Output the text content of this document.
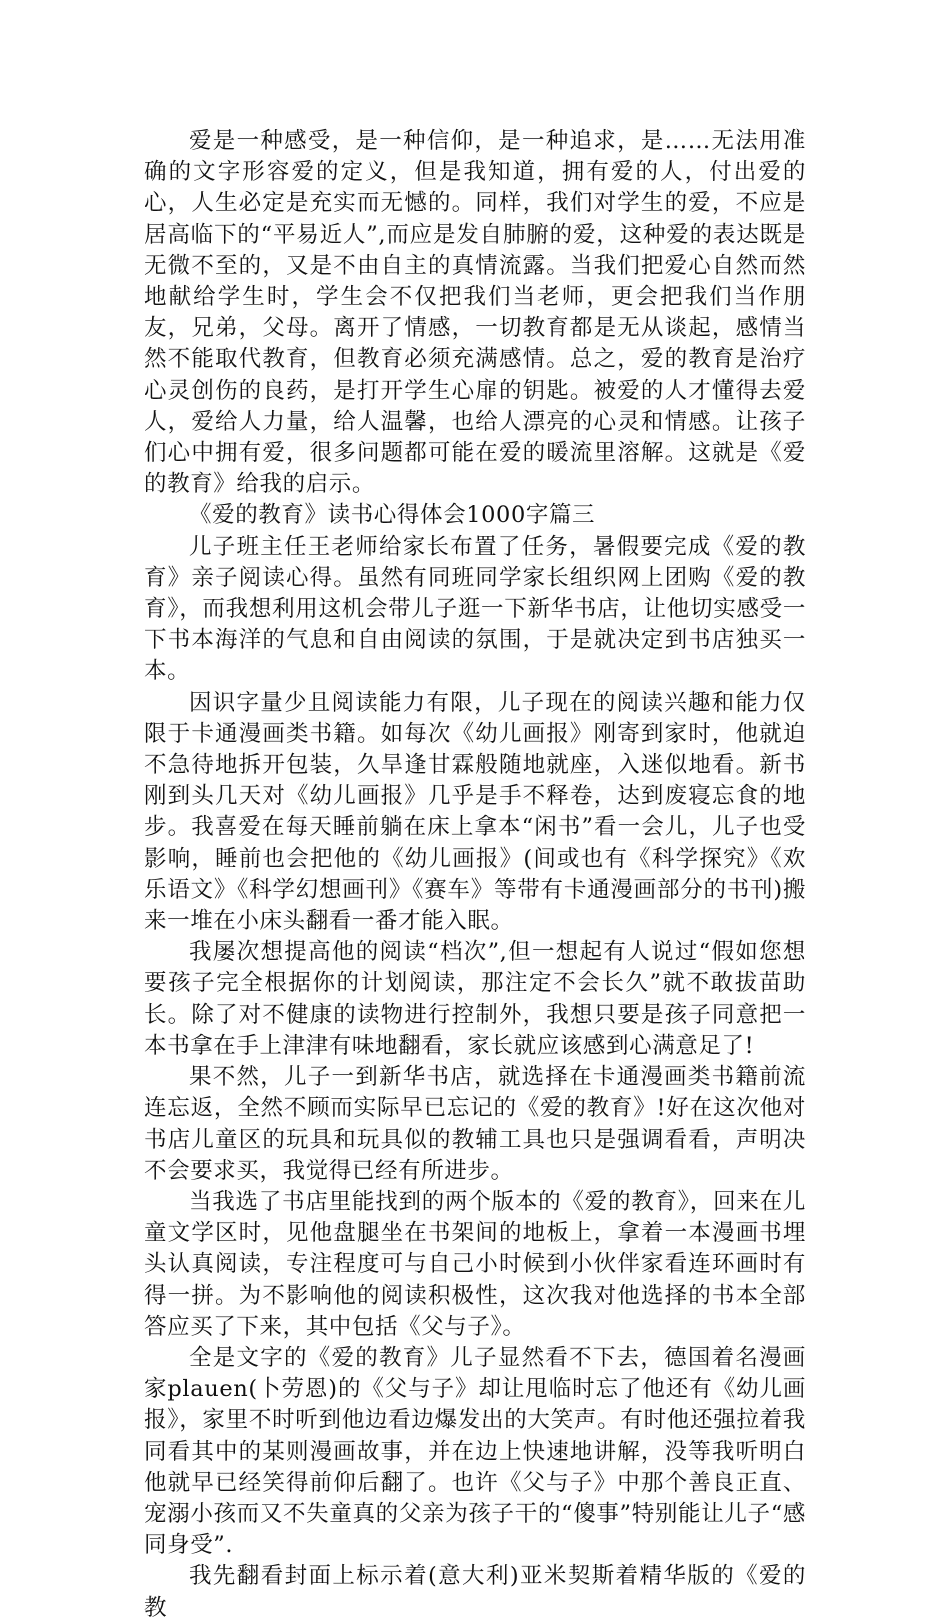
爱是一种感受，是一种信仰，是一种追求，是……无法用准确的文字形容爱的定义，但是我知道，拥有爱的人，付出爱的心，人生必定是充实而无憾的。同样，我们对学生的爱，不应是居高临下的“平易近人”,而应是发自肺腑的爱，这种爱的表达既是无微不至的，又是不由自主的真情流露。当我们把爱心自然而然地献给学生时，学生会不仅把我们当老师，更会把我们当作朋友，兄弟，父母。离开了情感，一切教育都是无从谈起，感情当然不能取代教育，但教育必须充满感情。总之，爱的教育是治疗心灵创伤的良药，是打开学生心扉的钥匙。被爱的人才懂得去爱人，爱给人力量，给人温馨，也给人漂亮的心灵和情感。让孩子们心中拥有爱，很多问题都可能在爱的暖流里溶解。这就是《爱的教育》给我的启示。

《爱的教育》读书心得体会1000字篇三

儿子班主任王老师给家长布置了任务，暑假要完成《爱的教育》亲子阅读心得。虽然有同班同学家长组织网上团购《爱的教育》，而我想利用这机会带儿子逛一下新华书店，让他切实感受一下书本海洋的气息和自由阅读的氛围，于是就决定到书店独买一本。

因识字量少且阅读能力有限，儿子现在的阅读兴趣和能力仅限于卡通漫画类书籍。如每次《幼儿画报》刚寄到家时，他就迫不急待地拆开包装，久旱逢甘霖般随地就座，入迷似地看。新书刚到头几天对《幼儿画报》几乎是手不释卷，达到废寝忘食的地步。我喜爱在每天睡前躺在床上拿本“闲书”看一会儿，儿子也受影响，睡前也会把他的《幼儿画报》(间或也有《科学探究》《欢乐语文》《科学幻想画刊》《赛车》等带有卡通漫画部分的书刊)搬来一堆在小床头翻看一番才能入眠。

我屡次想提高他的阅读“档次”,但一想起有人说过“假如您想要孩子完全根据你的计划阅读，那注定不会长久”就不敢拔苗助长。除了对不健康的读物进行控制外，我想只要是孩子同意把一本书拿在手上津津有味地翻看，家长就应该感到心满意足了!

果不然，儿子一到新华书店，就选择在卡通漫画类书籍前流连忘返，全然不顾而实际早已忘记的《爱的教育》!好在这次他对书店儿童区的玩具和玩具似的教辅工具也只是强调看看，声明决不会要求买，我觉得已经有所进步。

当我选了书店里能找到的两个版本的《爱的教育》，回来在儿童文学区时，见他盘腿坐在书架间的地板上，拿着一本漫画书埋头认真阅读，专注程度可与自己小时候到小伙伴家看连环画时有得一拼。为不影响他的阅读积极性，这次我对他选择的书本全部答应买了下来，其中包括《父与子》。

全是文字的《爱的教育》儿子显然看不下去，德国着名漫画家plauen(卜劳恩)的《父与子》却让甩临时忘了他还有《幼儿画报》，家里不时听到他边看边爆发出的大笑声。有时他还强拉着我同看其中的某则漫画故事，并在边上快速地讲解，没等我听明白他就早已经笑得前仰后翻了。也许《父与子》中那个善良正直、宠溺小孩而又不失童真的父亲为孩子干的“傻事”特别能让儿子“感同身受”.

我先翻看封面上标示着(意大利)亚米契斯着精华版的《爱的教
